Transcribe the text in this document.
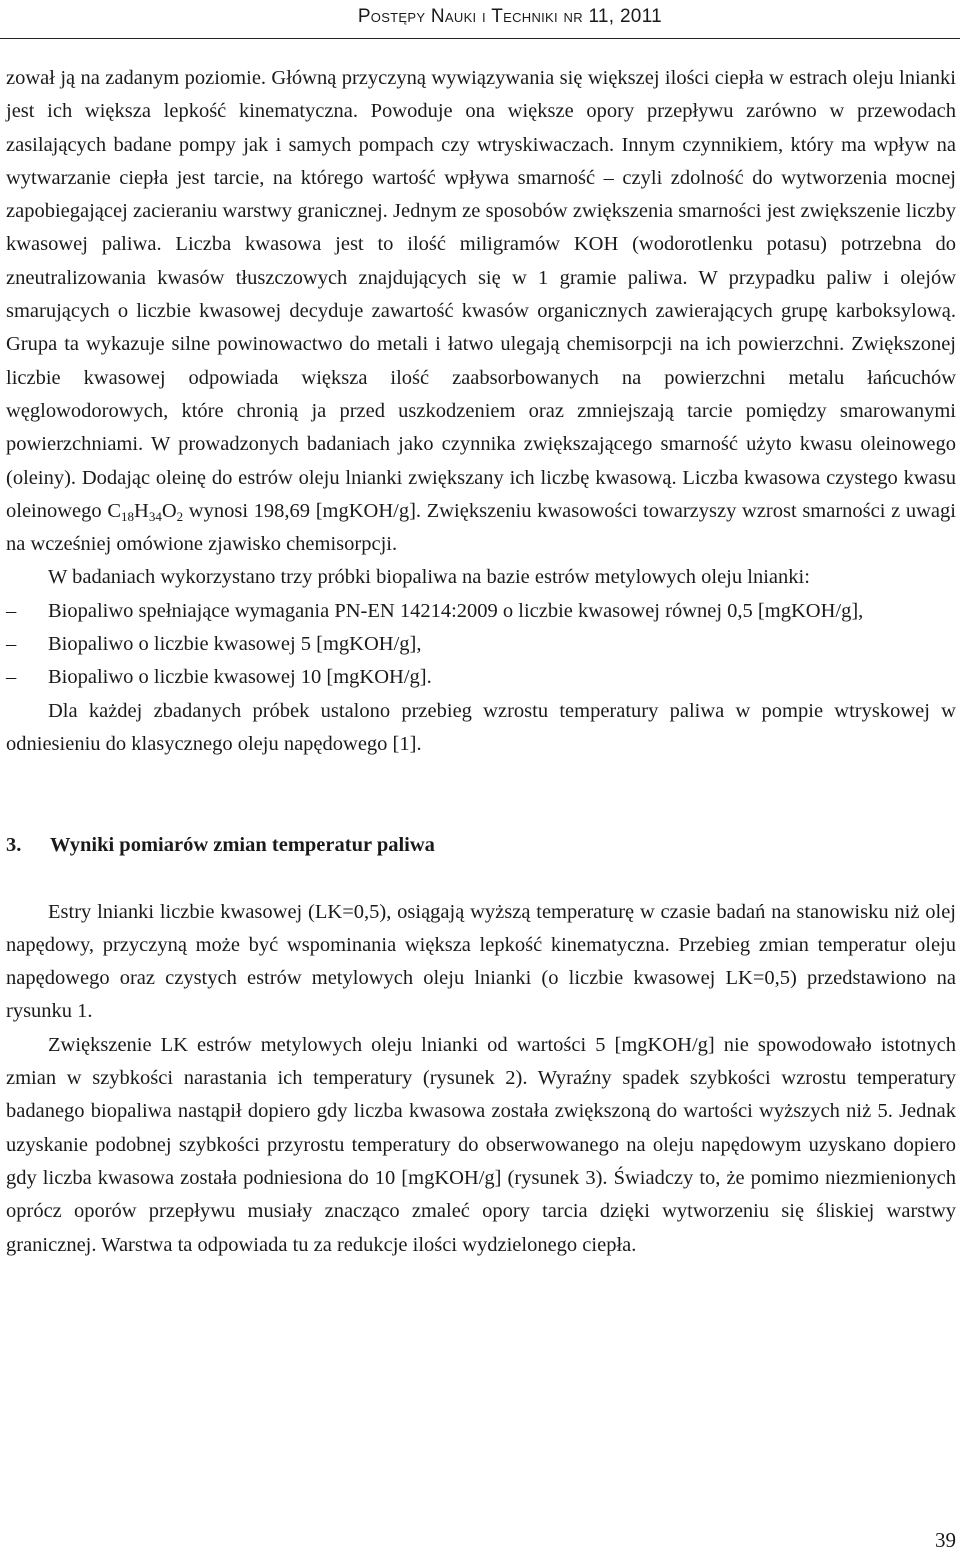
Postępy Nauki i Techniki nr 11, 2011

zował ją na zadanym poziomie. Główną przyczyną wywiązywania się większej ilości ciepła w estrach oleju lnianki jest ich większa lepkość kinematyczna. Powoduje ona większe opory przepływu zarówno w przewodach zasilających badane pompy jak i samych pompach czy wtryskiwaczach. Innym czynnikiem, który ma wpływ na wytwarzanie ciepła jest tarcie, na którego wartość wpływa smarność – czyli zdolność do wytworzenia mocnej zapobiegającej zacieraniu warstwy granicznej. Jednym ze sposobów zwiększenia smarności jest zwiększenie liczby kwasowej paliwa. Liczba kwasowa jest to ilość miligramów KOH (wodorotlenku potasu) potrzebna do zneutralizowania kwasów tłuszczowych znajdujących się w 1 gramie paliwa. W przypadku paliw i olejów smarujących o liczbie kwasowej decyduje zawartość kwasów organicznych zawierających grupę karboksylową. Grupa ta wykazuje silne powinowactwo do metali i łatwo ulegają chemisorpcji na ich powierzchni. Zwiększonej liczbie kwasowej odpowiada większa ilość zaabsorbowanych na powierzchni metalu łańcuchów węglowodorowych, które chronią ja przed uszkodzeniem oraz zmniejszają tarcie pomiędzy smarowanymi powierzchniami. W prowadzonych badaniach jako czynnika zwiększającego smarność użyto kwasu oleinowego (oleiny). Dodając oleinę do estrów oleju lnianki zwiększany ich liczbę kwasową. Liczba kwasowa czystego kwasu oleinowego $C_{18}H_{34}O_2$ wynosi 198,69 [mgKOH/g]. Zwiększeniu kwasowości towarzyszy wzrost smarności z uwagi na wcześniej omówione zjawisko chemisorpcji.

W badaniach wykorzystano trzy próbki biopaliwa na bazie estrów metylowych oleju lnianki:

– Biopaliwo spełniające wymagania PN-EN 14214:2009 o liczbie kwasowej równej 0,5 [mgKOH/g],
– Biopaliwo o liczbie kwasowej 5 [mgKOH/g],
– Biopaliwo o liczbie kwasowej 10 [mgKOH/g].

Dla każdej zbadanych próbek ustalono przebieg wzrostu temperatury paliwa w pompie wtryskowej w odniesieniu do klasycznego oleju napędowego [1].

3. Wyniki pomiarów zmian temperatur paliwa

Estry lnianki liczbie kwasowej (LK=0,5), osiągają wyższą temperaturę w czasie badań na stanowisku niż olej napędowy, przyczyną może być wspominania większa lepkość kinematyczna. Przebieg zmian temperatur oleju napędowego oraz czystych estrów metylowych oleju lnianki (o liczbie kwasowej LK=0,5) przedstawiono na rysunku 1.

Zwiększenie LK estrów metylowych oleju lnianki od wartości 5 [mgKOH/g] nie spowodowało istotnych zmian w szybkości narastania ich temperatury (rysunek 2). Wyraźny spadek szybkości wzrostu temperatury badanego biopaliwa nastąpił dopiero gdy liczba kwasowa została zwiększoną do wartości wyższych niż 5. Jednak uzyskanie podobnej szybkości przyrostu temperatury do obserwowanego na oleju napędowym uzyskano dopiero gdy liczba kwasowa została podniesiona do 10 [mgKOH/g] (rysunek 3). Świadczy to, że pomimo niezmienionych oprócz oporów przepływu musiały znacząco zmaleć opory tarcia dzięki wytworzeniu się śliskiej warstwy granicznej. Warstwa ta odpowiada tu za redukcje ilości wydzielonego ciepła.

39
